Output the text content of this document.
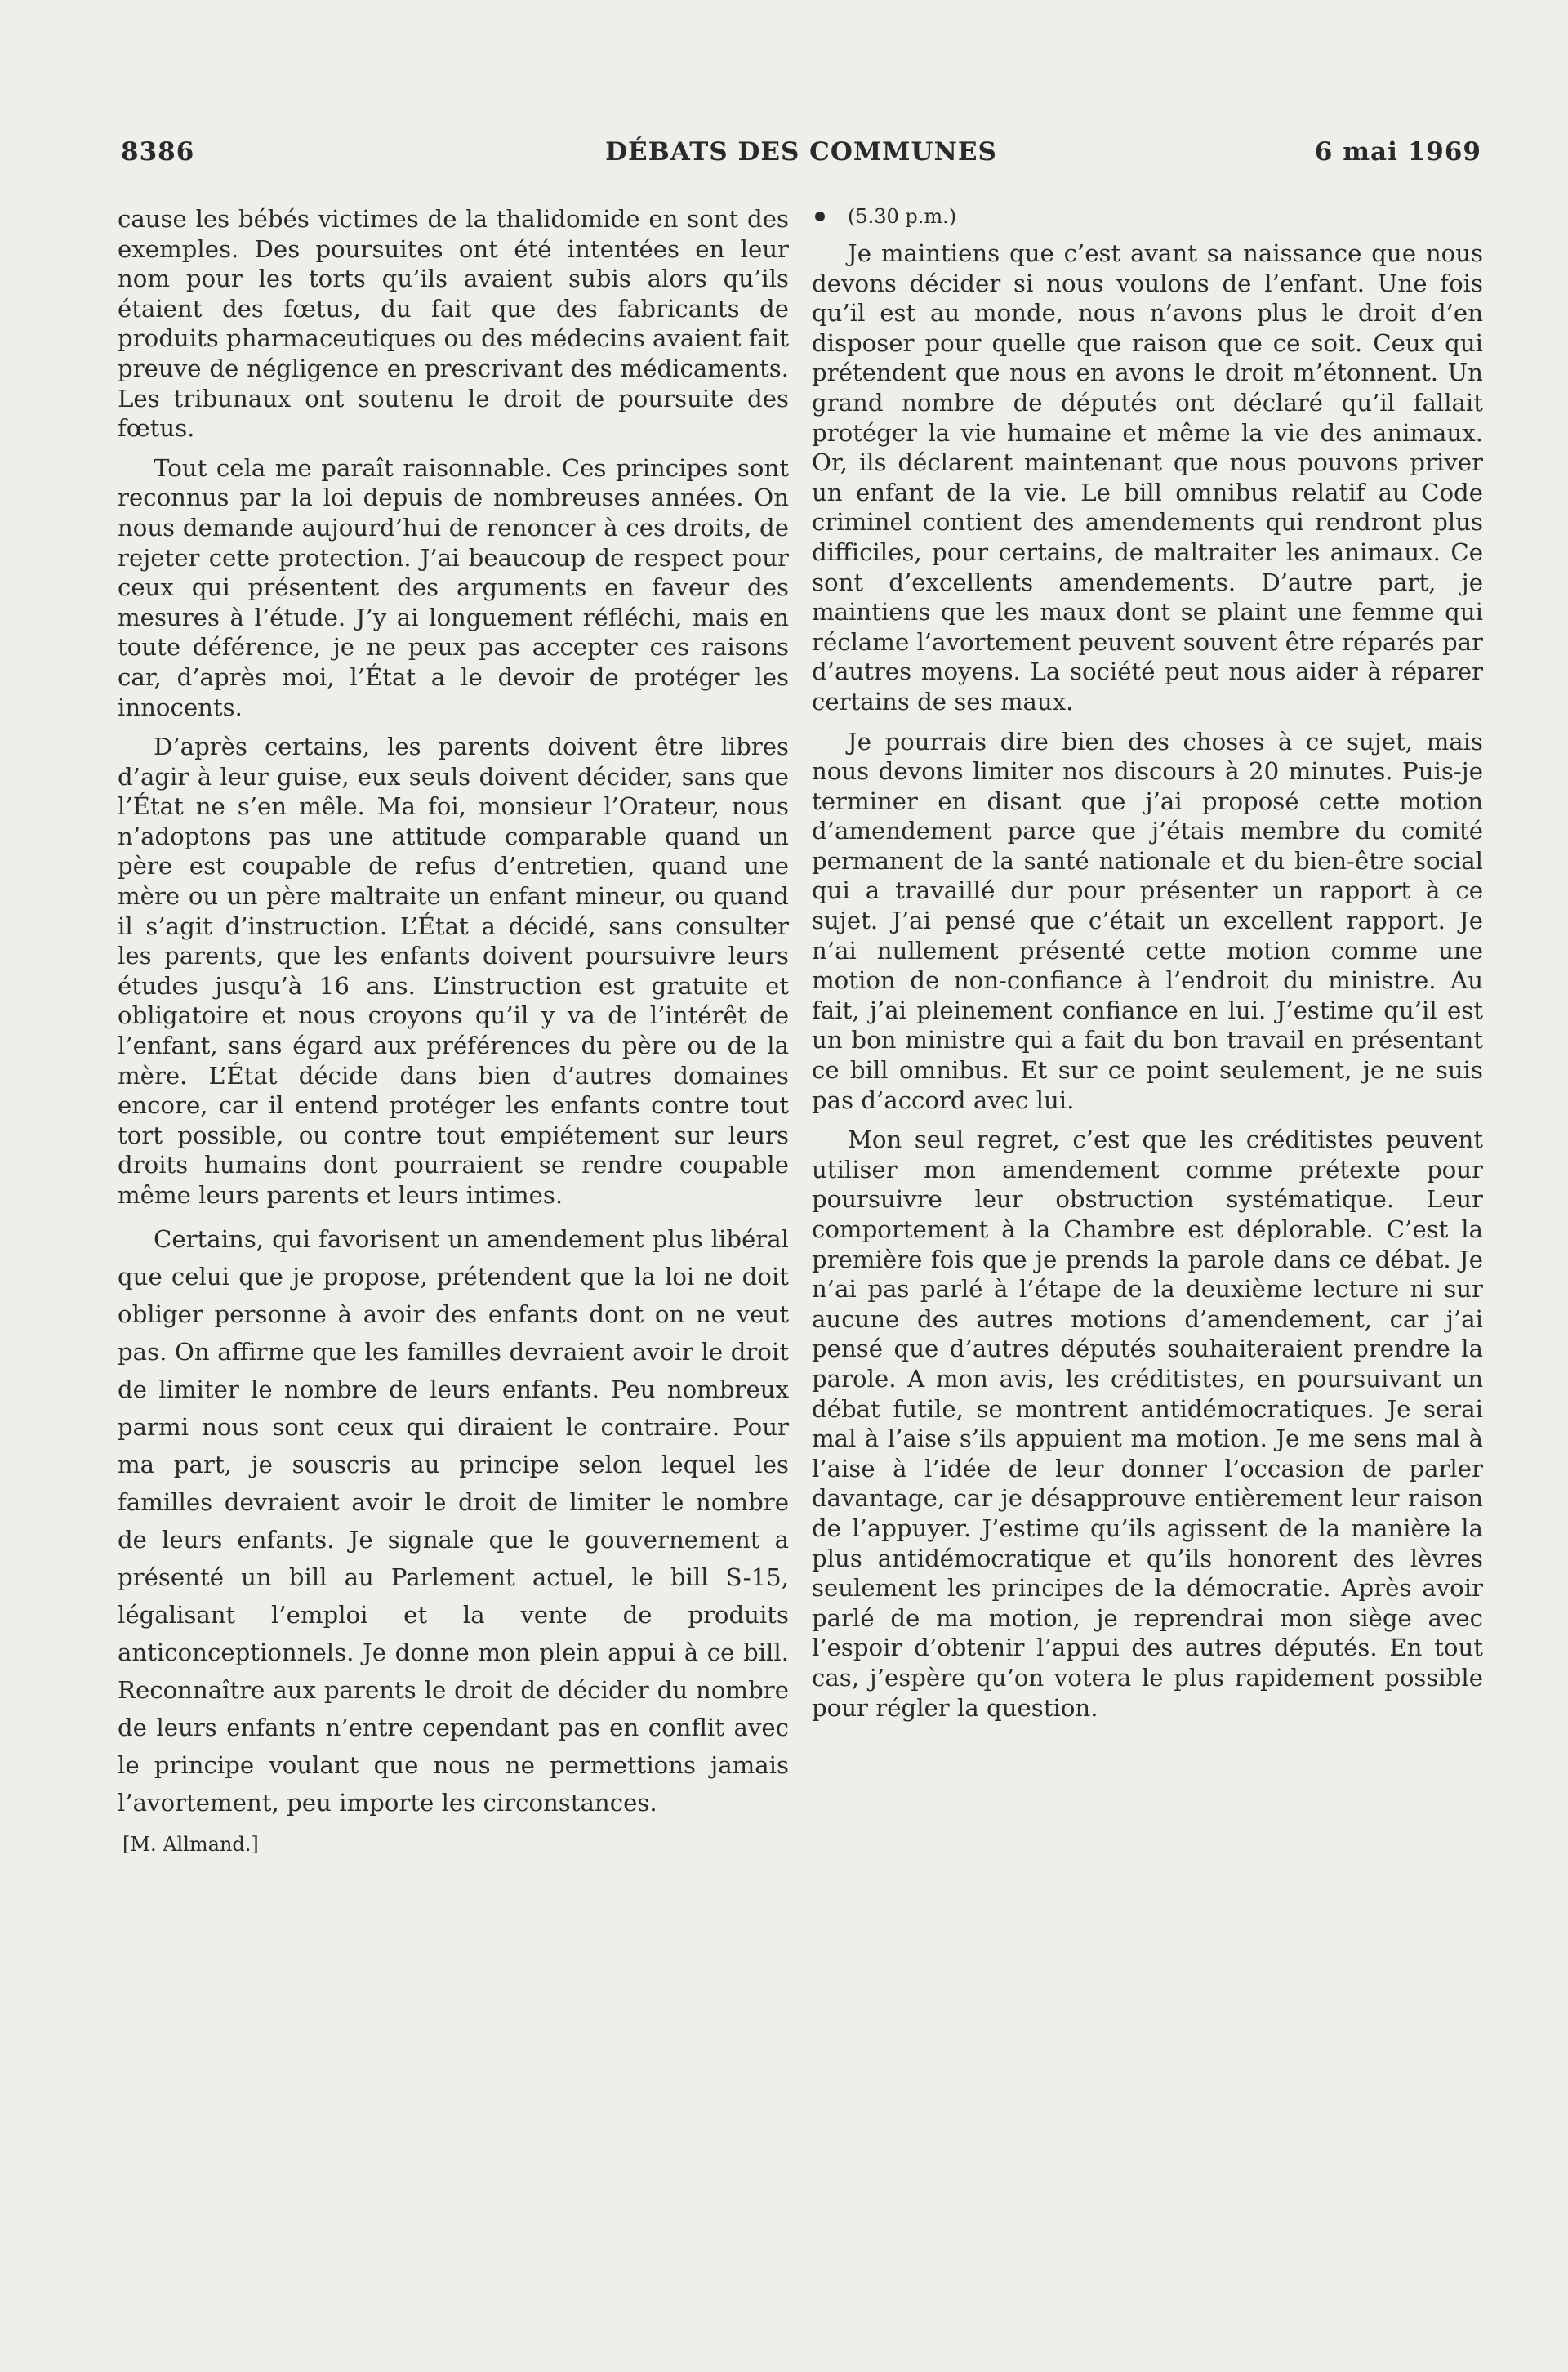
8386	DÉBATS DES COMMUNES	6 mai 1969

cause les bébés victimes de la thalidomide en sont des exemples. Des poursuites ont été intentées en leur nom pour les torts qu’ils avaient subis alors qu’ils étaient des fœtus, du fait que des fabricants de produits pharmaceutiques ou des médecins avaient fait preuve de négligence en prescrivant des médicaments. Les tribunaux ont soutenu le droit de poursuite des fœtus.

Tout cela me paraît raisonnable. Ces principes sont reconnus par la loi depuis de nombreuses années. On nous demande aujourd’hui de renoncer à ces droits, de rejeter cette protection. J’ai beaucoup de respect pour ceux qui présentent des arguments en faveur des mesures à l’étude. J’y ai longuement réfléchi, mais en toute déférence, je ne peux pas accepter ces raisons car, d’après moi, l’État a le devoir de protéger les innocents.

D’après certains, les parents doivent être libres d’agir à leur guise, eux seuls doivent décider, sans que l’État ne s’en mêle. Ma foi, monsieur l’Orateur, nous n’adoptons pas une attitude comparable quand un père est coupable de refus d’entretien, quand une mère ou un père maltraite un enfant mineur, ou quand il s’agit d’instruction. L’État a décidé, sans consulter les parents, que les enfants doivent poursuivre leurs études jusqu’à 16 ans. L’instruction est gratuite et obligatoire et nous croyons qu’il y va de l’intérêt de l’enfant, sans égard aux préférences du père ou de la mère. L’État décide dans bien d’autres domaines encore, car il entend protéger les enfants contre tout tort possible, ou contre tout empiétement sur leurs droits humains dont pourraient se rendre coupable même leurs parents et leurs intimes.

Certains, qui favorisent un amendement plus libéral que celui que je propose, prétendent que la loi ne doit obliger personne à avoir des enfants dont on ne veut pas. On affirme que les familles devraient avoir le droit de limiter le nombre de leurs enfants. Peu nombreux parmi nous sont ceux qui diraient le contraire. Pour ma part, je souscris au principe selon lequel les familles devraient avoir le droit de limiter le nombre de leurs enfants. Je signale que le gouvernement a présenté un bill au Parlement actuel, le bill S-15, légalisant l’emploi et la vente de produits anticonceptionnels. Je donne mon plein appui à ce bill. Reconnaître aux parents le droit de décider du nombre de leurs enfants n’entre cependant pas en conflit avec le principe voulant que nous ne permettions jamais l’avortement, peu importe les circonstances.

[M. Allmand.]
(5.30 p.m.)

Je maintiens que c’est avant sa naissance que nous devons décider si nous voulons de l’enfant. Une fois qu’il est au monde, nous n’avons plus le droit d’en disposer pour quelle que raison que ce soit. Ceux qui prétendent que nous en avons le droit m’étonnent. Un grand nombre de députés ont déclaré qu’il fallait protéger la vie humaine et même la vie des animaux. Or, ils déclarent maintenant que nous pouvons priver un enfant de la vie. Le bill omnibus relatif au Code criminel contient des amendements qui rendront plus difficiles, pour certains, de maltraiter les animaux. Ce sont d’excellents amendements. D’autre part, je maintiens que les maux dont se plaint une femme qui réclame l’avortement peuvent souvent être réparés par d’autres moyens. La société peut nous aider à réparer certains de ses maux.

Je pourrais dire bien des choses à ce sujet, mais nous devons limiter nos discours à 20 minutes. Puis-je terminer en disant que j’ai proposé cette motion d’amendement parce que j’étais membre du comité permanent de la santé nationale et du bien-être social qui a travaillé dur pour présenter un rapport à ce sujet. J’ai pensé que c’était un excellent rapport. Je n’ai nullement présenté cette motion comme une motion de non-confiance à l’endroit du ministre. Au fait, j’ai pleinement confiance en lui. J’estime qu’il est un bon ministre qui a fait du bon travail en présentant ce bill omnibus. Et sur ce point seulement, je ne suis pas d’accord avec lui.

Mon seul regret, c’est que les créditistes peuvent utiliser mon amendement comme prétexte pour poursuivre leur obstruction systématique. Leur comportement à la Chambre est déplorable. C’est la première fois que je prends la parole dans ce débat. Je n’ai pas parlé à l’étape de la deuxième lecture ni sur aucune des autres motions d’amendement, car j’ai pensé que d’autres députés souhaiteraient prendre la parole. A mon avis, les créditistes, en poursuivant un débat futile, se montrent antidémocratiques. Je serai mal à l’aise s’ils appuient ma motion. Je me sens mal à l’aise à l’idée de leur donner l’occasion de parler davantage, car je désapprouve entièrement leur raison de l’appuyer. J’estime qu’ils agissent de la manière la plus antidémocratique et qu’ils honorent des lèvres seulement les principes de la démocratie. Après avoir parlé de ma motion, je reprendrai mon siège avec l’espoir d’obtenir l’appui des autres députés. En tout cas, j’espère qu’on votera le plus rapidement possible pour régler la question.
